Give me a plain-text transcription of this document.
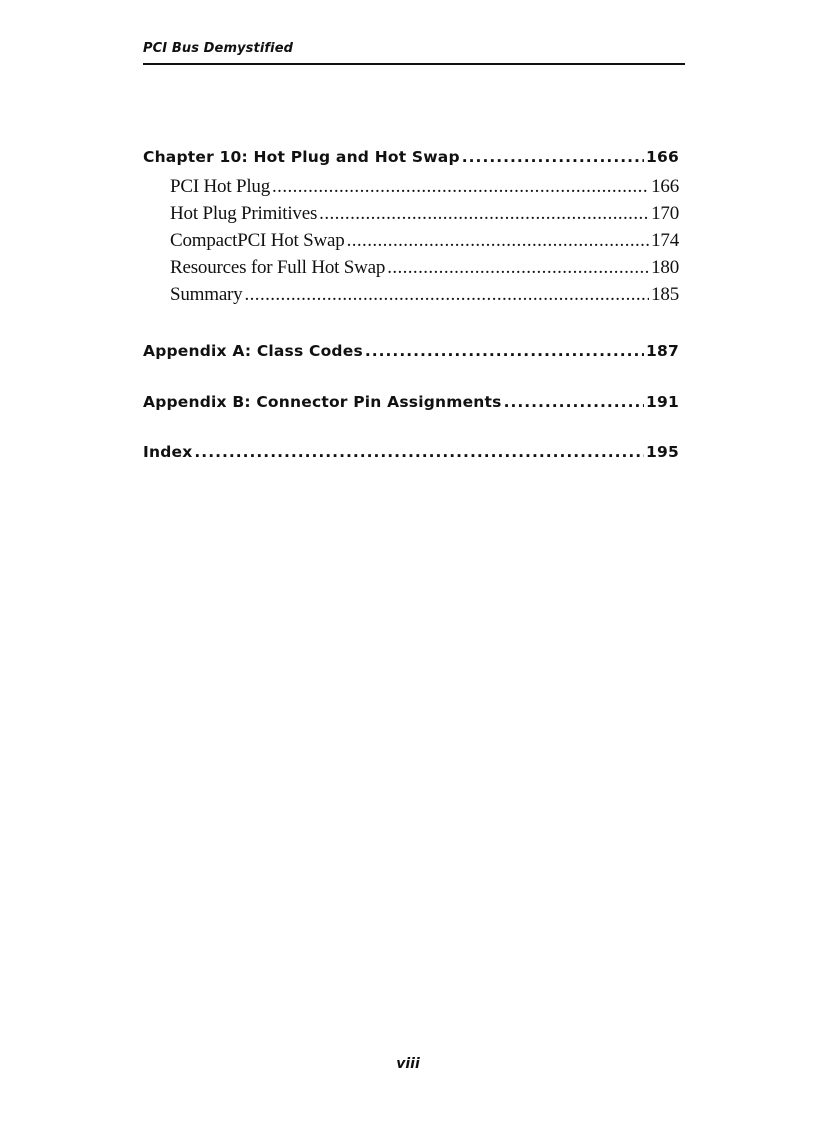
PCI Bus Demystified
Chapter 10: Hot Plug and Hot Swap .....	166
PCI Hot Plug .....	166
Hot Plug Primitives .....	170
CompactPCI Hot Swap .....	174
Resources for Full Hot Swap .....	180
Summary .....	185
Appendix A: Class Codes .....	187
Appendix B: Connector Pin Assignments .....	191
Index .....	195
viii
